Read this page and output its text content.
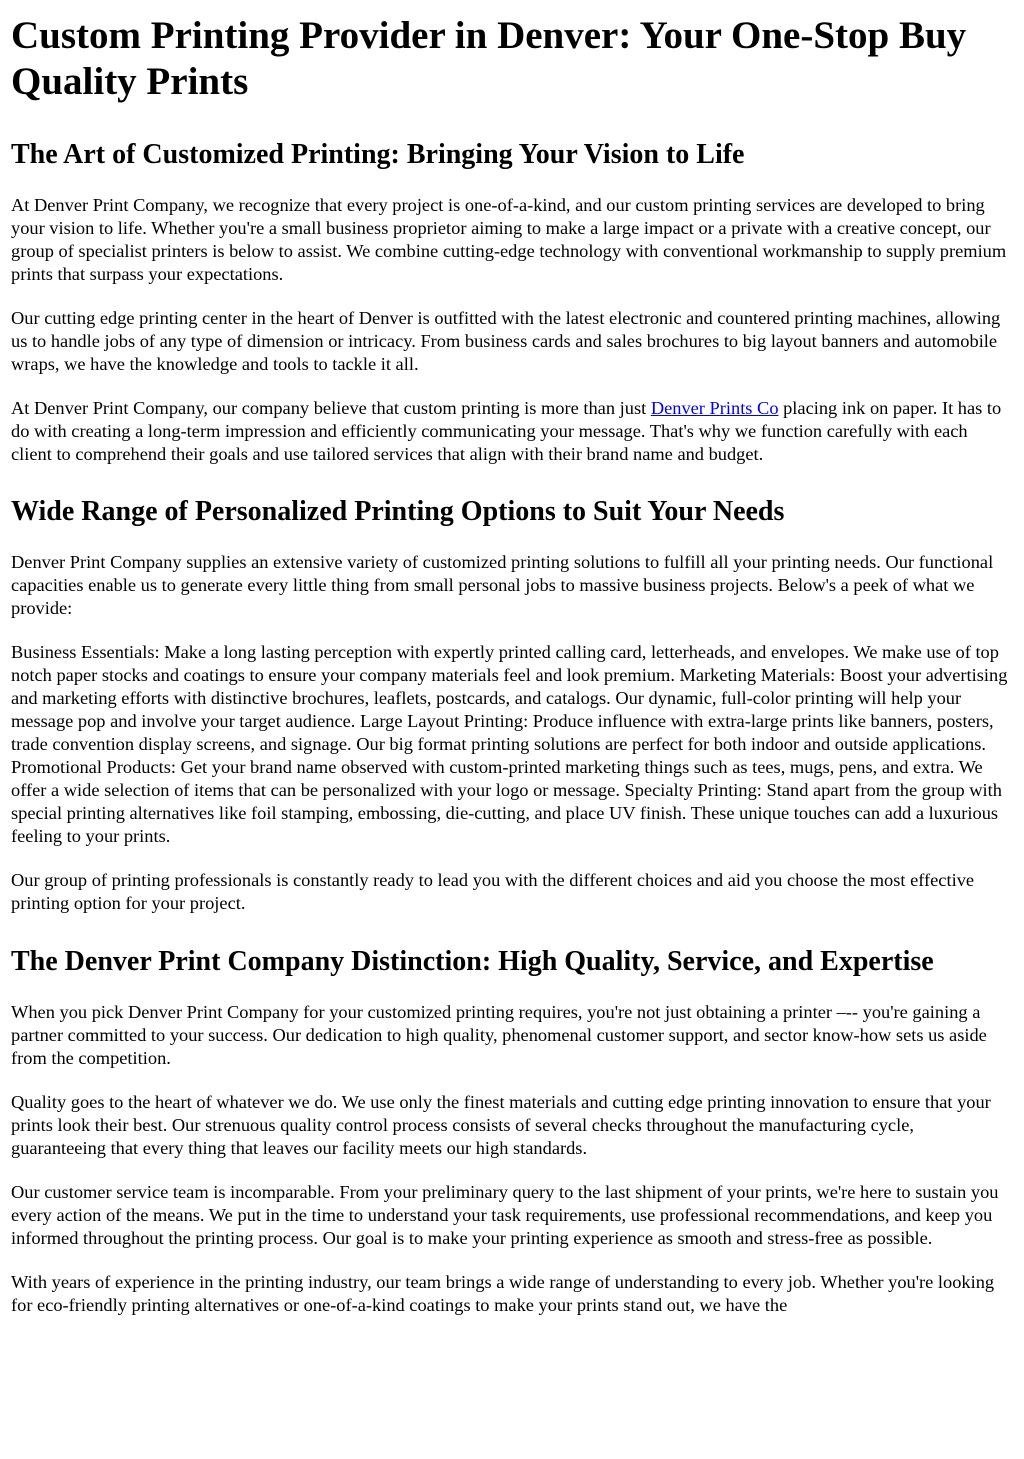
Custom Printing Provider in Denver: Your One-Stop Buy Quality Prints
The Art of Customized Printing: Bringing Your Vision to Life

At Denver Print Company, we recognize that every project is one-of-a-kind, and our custom printing services are developed to bring your vision to life. Whether you're a small business proprietor aiming to make a large impact or a private with a creative concept, our group of specialist printers is below to assist. We combine cutting-edge technology with conventional workmanship to supply premium prints that surpass your expectations.

Our cutting edge printing center in the heart of Denver is outfitted with the latest electronic and countered printing machines, allowing us to handle jobs of any type of dimension or intricacy. From business cards and sales brochures to big layout banners and automobile wraps, we have the knowledge and tools to tackle it all.

At Denver Print Company, our company believe that custom printing is more than just Denver Prints Co placing ink on paper. It has to do with creating a long-term impression and efficiently communicating your message. That's why we function carefully with each client to comprehend their goals and use tailored services that align with their brand name and budget.

Wide Range of Personalized Printing Options to Suit Your Needs

Denver Print Company supplies an extensive variety of customized printing solutions to fulfill all your printing needs. Our functional capacities enable us to generate every little thing from small personal jobs to massive business projects. Below's a peek of what we provide:

Business Essentials: Make a long lasting perception with expertly printed calling card, letterheads, and envelopes. We make use of top notch paper stocks and coatings to ensure your company materials feel and look premium. Marketing Materials: Boost your advertising and marketing efforts with distinctive brochures, leaflets, postcards, and catalogs. Our dynamic, full-color printing will help your message pop and involve your target audience. Large Layout Printing: Produce influence with extra-large prints like banners, posters, trade convention display screens, and signage. Our big format printing solutions are perfect for both indoor and outside applications. Promotional Products: Get your brand name observed with custom-printed marketing things such as tees, mugs, pens, and extra. We offer a wide selection of items that can be personalized with your logo or message. Specialty Printing: Stand apart from the group with special printing alternatives like foil stamping, embossing, die-cutting, and place UV finish. These unique touches can add a luxurious feeling to your prints.

Our group of printing professionals is constantly ready to lead you with the different choices and aid you choose the most effective printing option for your project.

The Denver Print Company Distinction: High Quality, Service, and Expertise

When you pick Denver Print Company for your customized printing requires, you're not just obtaining a printer –-- you're gaining a partner committed to your success. Our dedication to high quality, phenomenal customer support, and sector know-how sets us aside from the competition.

Quality goes to the heart of whatever we do. We use only the finest materials and cutting edge printing innovation to ensure that your prints look their best. Our strenuous quality control process consists of several checks throughout the manufacturing cycle, guaranteeing that every thing that leaves our facility meets our high standards.

Our customer service team is incomparable. From your preliminary query to the last shipment of your prints, we're here to sustain you every action of the means. We put in the time to understand your task requirements, use professional recommendations, and keep you informed throughout the printing process. Our goal is to make your printing experience as smooth and stress-free as possible.

With years of experience in the printing industry, our team brings a wide range of understanding to every job. Whether you're looking for eco-friendly printing alternatives or one-of-a-kind coatings to make your prints stand out, we have the
